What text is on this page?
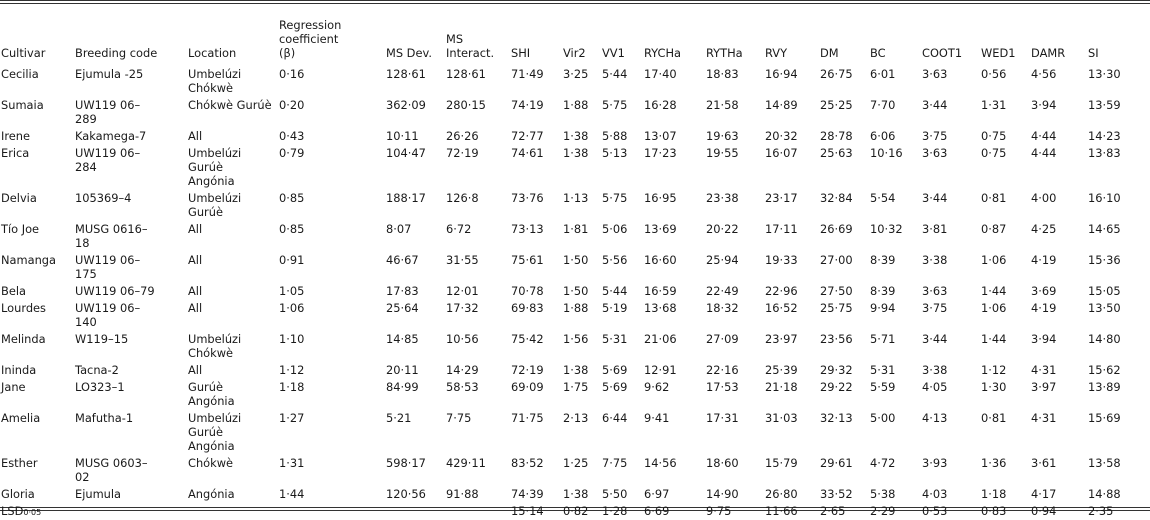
Cultivar	Breeding code	Location	Regression coefficient (β)	MS Dev.	MS Interact.	SHI	Vir2	VV1	RYCHa	RYTHa	RVY	DM	BC	COOT1	WED1	DAMR	SI
Cecilia	Ejumula -25	Umbelúzi Chókwè	0·16	128·61	128·61	71·49	3·25	5·44	17·40	18·83	16·94	26·75	6·01	3·63	0·56	4·56	13·30
Sumaia	UW119 06–289	Chókwè Gurúè	0·20	362·09	280·15	74·19	1·88	5·75	16·28	21·58	14·89	25·25	7·70	3·44	1·31	3·94	13·59
Irene	Kakamega-7	All	0·43	10·11	26·26	72·77	1·38	5·88	13·07	19·63	20·32	28·78	6·06	3·75	0·75	4·44	14·23
Erica	UW119 06–284	Umbelúzi Gurúè Angónia	0·79	104·47	72·19	74·61	1·38	5·13	17·23	19·55	16·07	25·63	10·16	3·63	0·75	4·44	13·83
Delvia	105369–4	Umbelúzi Gurúè	0·85	188·17	126·8	73·76	1·13	5·75	16·95	23·38	23·17	32·84	5·54	3·44	0·81	4·00	16·10
Tío Joe	MUSG 0616–18	All	0·85	8·07	6·72	73·13	1·81	5·06	13·69	20·22	17·11	26·69	10·32	3·81	0·87	4·25	14·65
Namanga	UW119 06–175	All	0·91	46·67	31·55	75·61	1·50	5·56	16·60	25·94	19·33	27·00	8·39	3·38	1·06	4·19	15·36
Bela	UW119 06–79	All	1·05	17·83	12·01	70·78	1·50	5·44	16·59	22·49	22·96	27·50	8·39	3·63	1·44	3·69	15·05
Lourdes	UW119 06–140	All	1·06	25·64	17·32	69·83	1·88	5·19	13·68	18·32	16·52	25·75	9·94	3·75	1·06	4·19	13·50
Melinda	W119–15	Umbelúzi Chókwè	1·10	14·85	10·56	75·42	1·56	5·31	21·06	27·09	23·97	23·56	5·71	3·44	1·44	3·94	14·80
Ininda	Tacna-2	All	1·12	20·11	14·29	72·19	1·38	5·69	12·91	22·16	25·39	29·32	5·31	3·38	1·12	4·31	15·62
Jane	LO323–1	Gurúè Angónia	1·18	84·99	58·53	69·09	1·75	5·69	9·62	17·53	21·18	29·22	5·59	4·05	1·30	3·97	13·89
Amelia	Mafutha-1	Umbelúzi Gurúè Angónia	1·27	5·21	7·75	71·75	2·13	6·44	9·41	17·31	31·03	32·13	5·00	4·13	0·81	4·31	15·69
Esther	MUSG 0603–02	Chókwè	1·31	598·17	429·11	83·52	1·25	7·75	14·56	18·60	15·79	29·61	4·72	3·93	1·36	3·61	13·58
Gloria	Ejumula	Angónia	1·44	120·56	91·88	74·39	1·38	5·50	6·97	14·90	26·80	33·52	5·38	4·03	1·18	4·17	14·88
LSD0·05						15·14	0·82	1·28	6·69	9·75	11·66	2·65	2·29	0·53	0·83	0·94	2·35
